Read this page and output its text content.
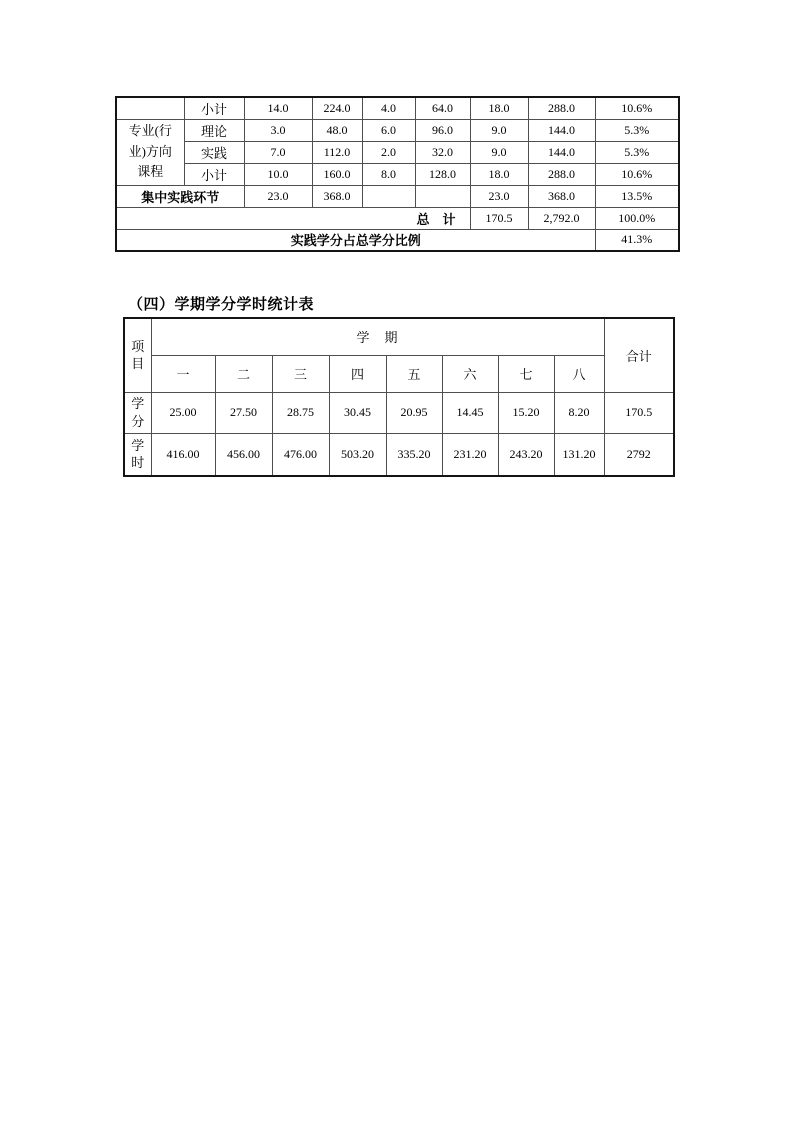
	小计	14.0	224.0	4.0	64.0	18.0	288.0	10.6%
专业(行业)方向课程	理论	3.0	48.0	6.0	96.0	9.0	144.0	5.3%
	实践	7.0	112.0	2.0	32.0	9.0	144.0	5.3%
	小计	10.0	160.0	8.0	128.0	18.0	288.0	10.6%
集中实践环节		23.0	368.0			23.0	368.0	13.5%
总　计						170.5	2,792.0	100.0%
实践学分占总学分比例								41.3%
（四）学期学分学时统计表
项目	学　期								合计
	一	二	三	四	五	六	七	八	
学分	25.00	27.50	28.75	30.45	20.95	14.45	15.20	8.20	170.5
学时	416.00	456.00	476.00	503.20	335.20	231.20	243.20	131.20	2792
